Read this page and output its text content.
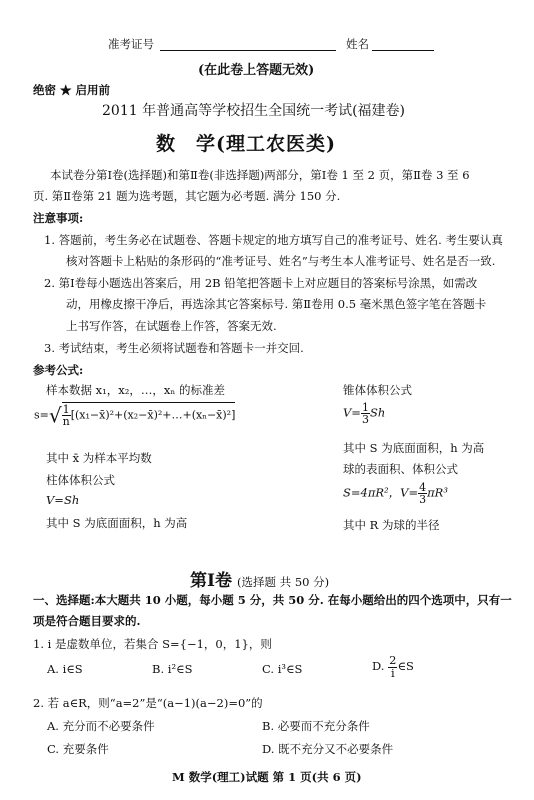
准考证号	姓名
(在此卷上答题无效)
绝密 ★ 启用前
2011 年普通高等学校招生全国统一考试(福建卷)
数　学(理工农医类)
本试卷分第Ⅰ卷(选择题)和第Ⅱ卷(非选择题)两部分，第Ⅰ卷 1 至 2 页，第Ⅱ卷 3 至 6
页. 第Ⅱ卷第 21 题为选考题，其它题为必考题. 满分 150 分.
注意事项:
1. 答题前，考生务必在试题卷、答题卡规定的地方填写自己的准考证号、姓名. 考生要认真
核对答题卡上粘贴的条形码的“准考证号、姓名”与考生本人准考证号、姓名是否一致.
2. 第Ⅰ卷每小题选出答案后，用 2B 铅笔把答题卡上对应题目的答案标号涂黑，如需改
动，用橡皮擦干净后，再选涂其它答案标号. 第Ⅱ卷用 0.5 毫米黑色签字笔在答题卡
上书写作答，在试题卷上作答，答案无效.
3. 考试结束，考生必须将试题卷和答题卡一并交回.
参考公式:
样本数据 x₁，x₂，…，xₙ 的标准差
$s=√ \frac{1}{n}$ [(x₁−x̄)²+(x₂−x̄)²+…+(xₙ−x̄)²]
其中 x̄ 为样本平均数
柱体体积公式
V=Sh
其中 S 为底面面积，h 为高
锥体体积公式
$V= \frac{1}{3}$ Sh
其中 S 为底面面积，h 为高
球的表面积、体积公式
S=4πR²，$V= \frac{4}{3} \pi R^3$
其中 R 为球的半径
第Ⅰ卷 (选择题 共 50 分)
一、选择题:本大题共 10 小题，每小题 5 分，共 50 分. 在每小题给出的四个选项中，只有一
项是符合题目要求的.
1. i 是虚数单位，若集合 S={−1，0，1}，则
A. i∈S	B. i²∈S	C. i³∈S	D. $\frac{2}{i}$ ∈S
2. 若 a∈R，则“a=2”是“(a−1)(a−2)=0”的
A. 充分而不必要条件	B. 必要而不充分条件
C. 充要条件	D. 既不充分又不必要条件
M 数学(理工)试题 第 1 页(共 6 页)
